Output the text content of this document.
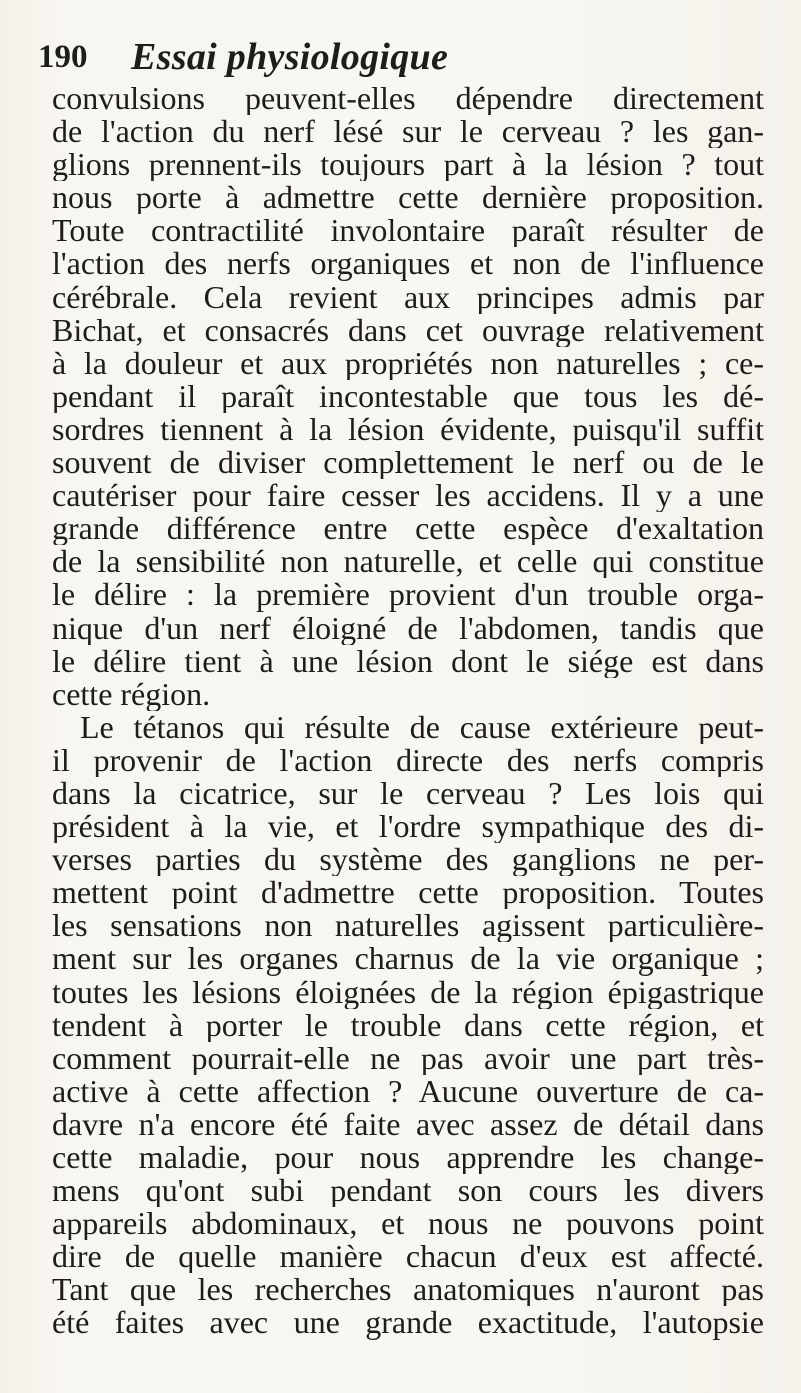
190 Essai physiologique
convulsions peuvent-elles dépendre directement
de l'action du nerf lésé sur le cerveau ? les gan-
glions prennent-ils toujours part à la lésion ? tout
nous porte à admettre cette dernière proposition.
Toute contractilité involontaire paraît résulter de
l'action des nerfs organiques et non de l'influence
cérébrale. Cela revient aux principes admis par
Bichat, et consacrés dans cet ouvrage relativement
à la douleur et aux propriétés non naturelles ; ce-
pendant il paraît incontestable que tous les dé-
sordres tiennent à la lésion évidente, puisqu'il suffit
souvent de diviser complettement le nerf ou de le
cautériser pour faire cesser les accidens. Il y a une
grande différence entre cette espèce d'exaltation
de la sensibilité non naturelle, et celle qui constitue
le délire : la première provient d'un trouble orga-
nique d'un nerf éloigné de l'abdomen, tandis que
le délire tient à une lésion dont le siége est dans
cette région.
Le tétanos qui résulte de cause extérieure peut-
il provenir de l'action directe des nerfs compris
dans la cicatrice, sur le cerveau ? Les lois qui
président à la vie, et l'ordre sympathique des di-
verses parties du système des ganglions ne per-
mettent point d'admettre cette proposition. Toutes
les sensations non naturelles agissent particulière-
ment sur les organes charnus de la vie organique ;
toutes les lésions éloignées de la région épigastrique
tendent à porter le trouble dans cette région, et
comment pourrait-elle ne pas avoir une part très-
active à cette affection ? Aucune ouverture de ca-
davre n'a encore été faite avec assez de détail dans
cette maladie, pour nous apprendre les change-
mens qu'ont subi pendant son cours les divers
appareils abdominaux, et nous ne pouvons point
dire de quelle manière chacun d'eux est affecté.
Tant que les recherches anatomiques n'auront pas
été faites avec une grande exactitude, l'autopsie
